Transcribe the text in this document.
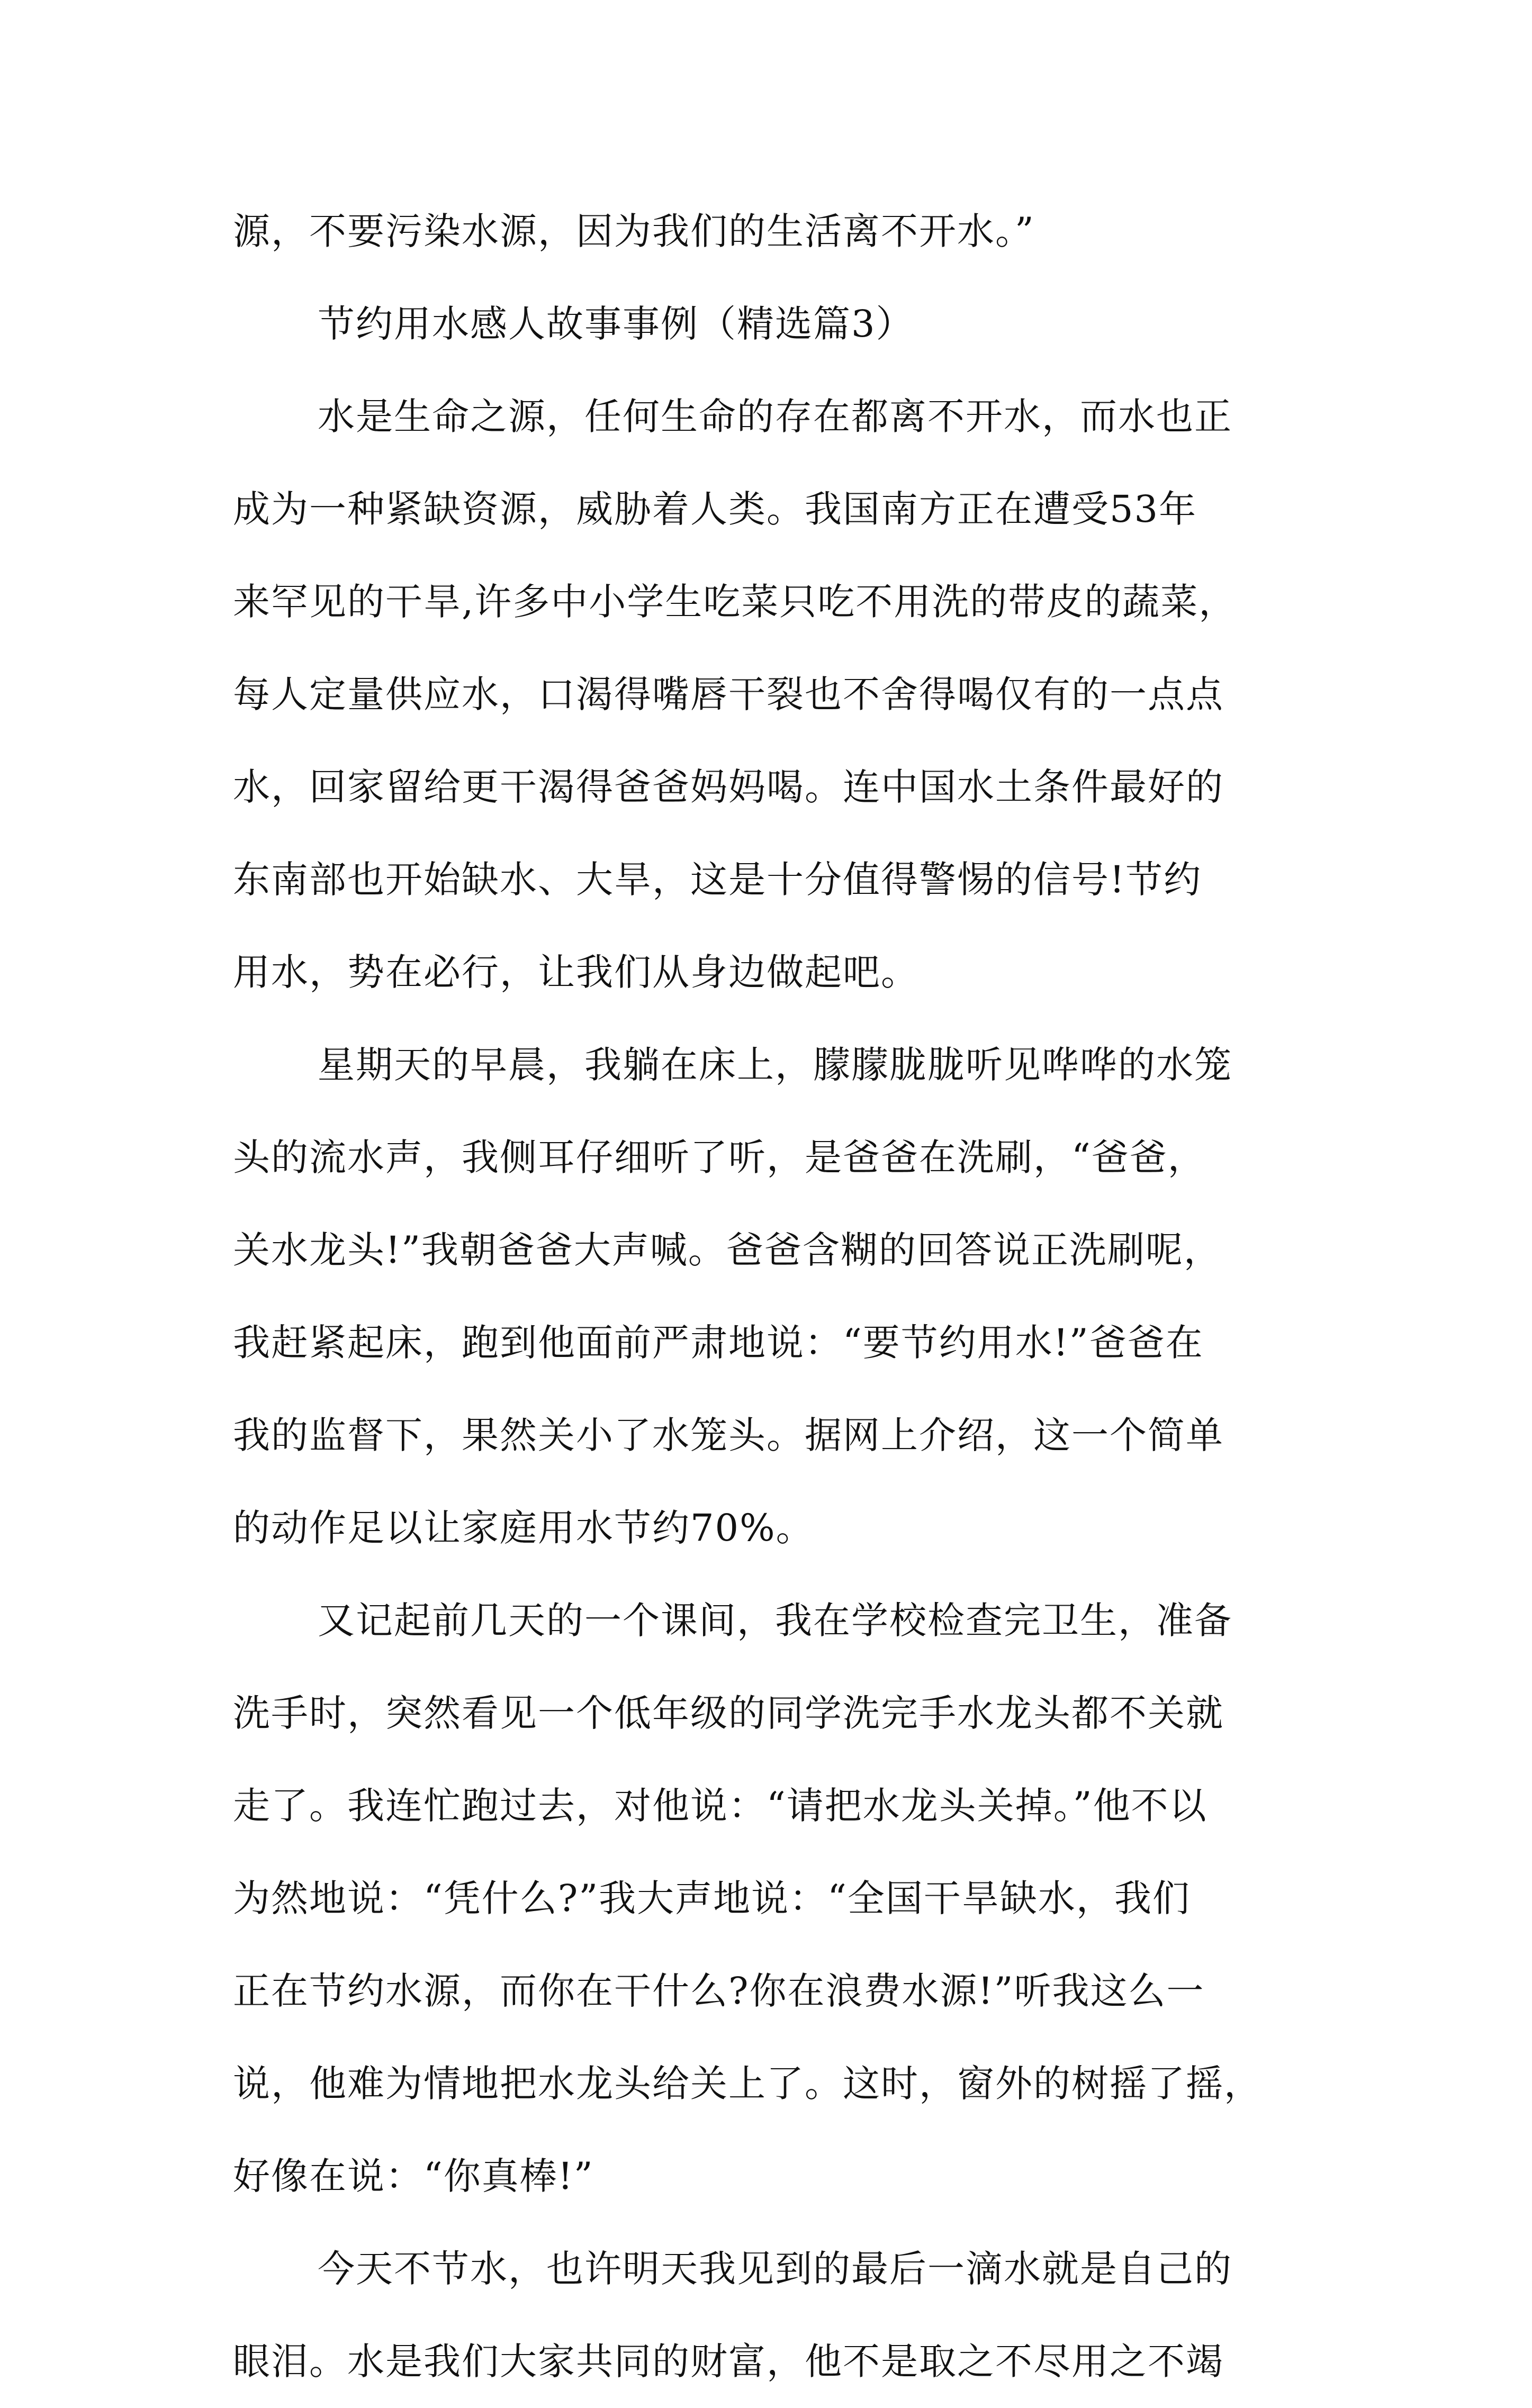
源，不要污染水源，因为我们的生活离不开水。”
节约用水感人故事事例（精选篇3）
水是生命之源，任何生命的存在都离不开水，而水也正
成为一种紧缺资源，威胁着人类。我国南方正在遭受53年
来罕见的干旱,许多中小学生吃菜只吃不用洗的带皮的蔬菜，
每人定量供应水，口渴得嘴唇干裂也不舍得喝仅有的一点点
水，回家留给更干渴得爸爸妈妈喝。连中国水土条件最好的
东南部也开始缺水、大旱，这是十分值得警惕的信号!节约
用水，势在必行，让我们从身边做起吧。
星期天的早晨，我躺在床上，朦朦胧胧听见哗哗的水笼
头的流水声，我侧耳仔细听了听，是爸爸在洗刷，“爸爸，
关水龙头!”我朝爸爸大声喊。爸爸含糊的回答说正洗刷呢，
我赶紧起床，跑到他面前严肃地说：“要节约用水!”爸爸在
我的监督下，果然关小了水笼头。据网上介绍，这一个简单
的动作足以让家庭用水节约70%。
又记起前几天的一个课间，我在学校检查完卫生，准备
洗手时，突然看见一个低年级的同学洗完手水龙头都不关就
走了。我连忙跑过去，对他说：“请把水龙头关掉。”他不以
为然地说：“凭什么?”我大声地说：“全国干旱缺水，我们
正在节约水源，而你在干什么?你在浪费水源!”听我这么一
说，他难为情地把水龙头给关上了。这时，窗外的树摇了摇，
好像在说：“你真棒!”
今天不节水，也许明天我见到的最后一滴水就是自己的
眼泪。水是我们大家共同的财富，他不是取之不尽用之不竭
